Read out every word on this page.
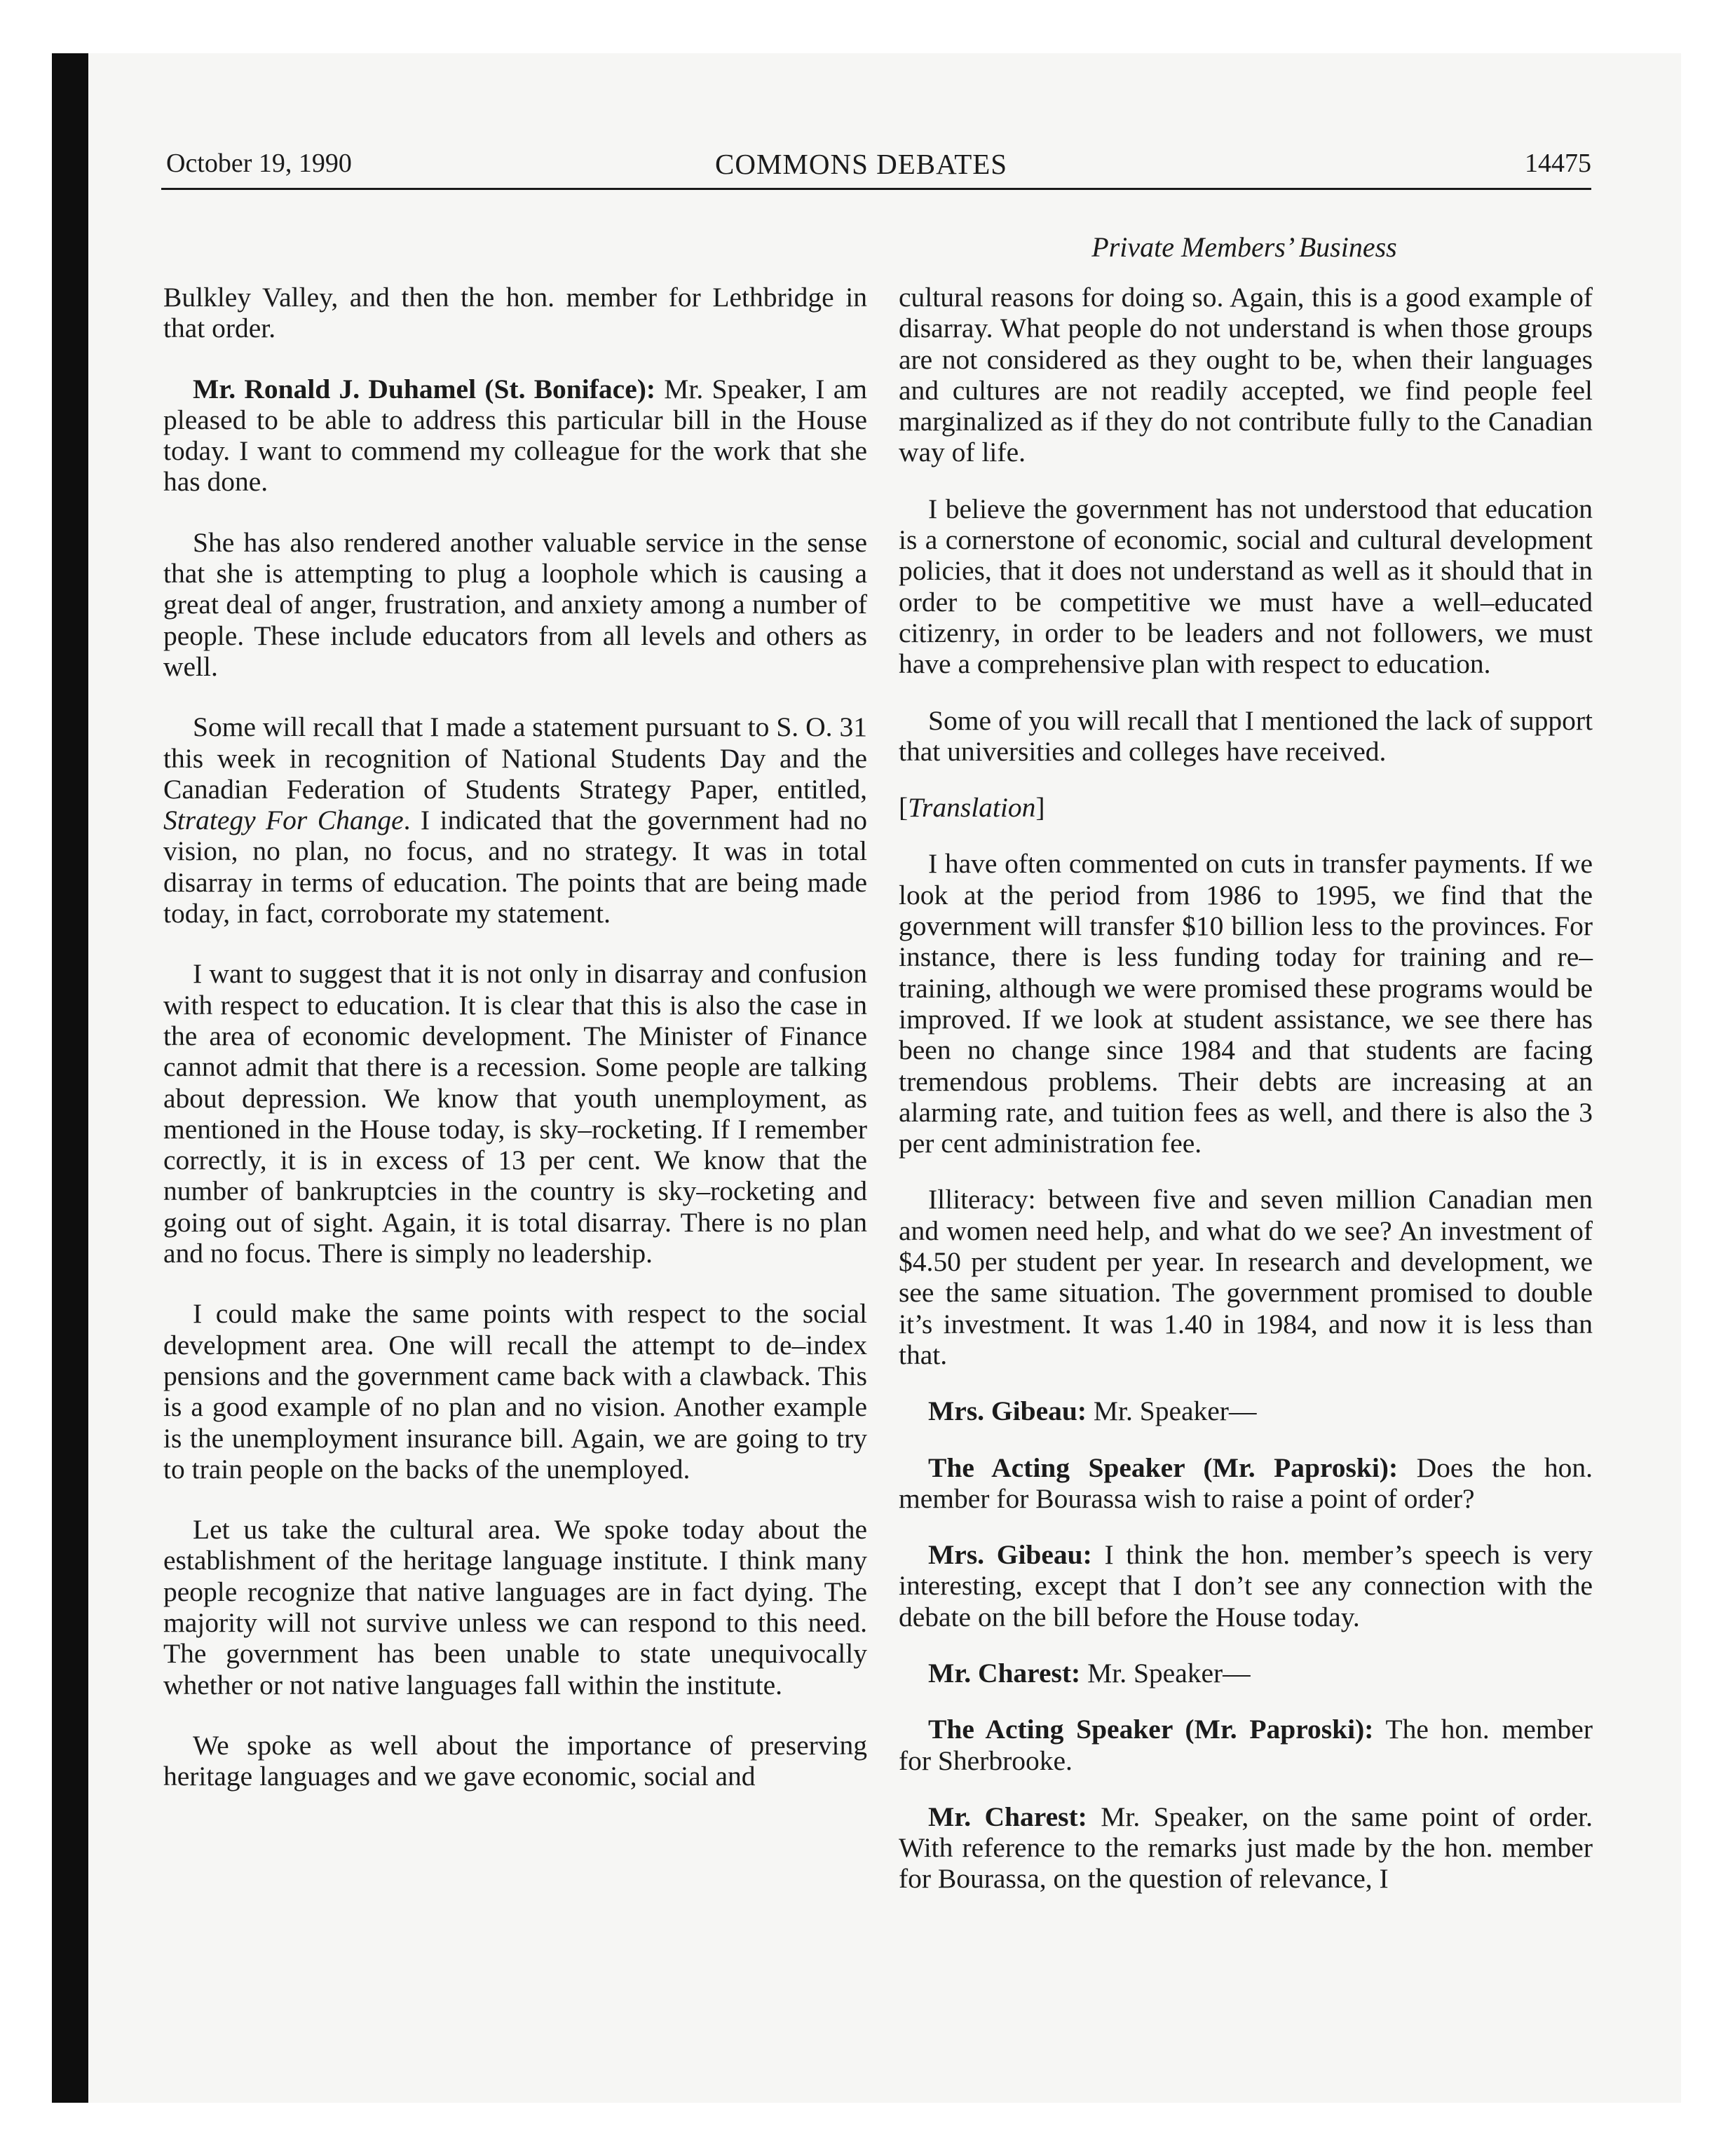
October 19, 1990	COMMONS DEBATES	14475
Private Members’ Business

Bulkley Valley, and then the hon. member for Lethbridge in that order.

Mr. Ronald J. Duhamel (St. Boniface): Mr. Speaker, I am pleased to be able to address this particular bill in the House today. I want to commend my colleague for the work that she has done.

She has also rendered another valuable service in the sense that she is attempting to plug a loophole which is causing a great deal of anger, frustration, and anxiety among a number of people. These include educators from all levels and others as well.

Some will recall that I made a statement pursuant to S. O. 31 this week in recognition of National Students Day and the Canadian Federation of Students Strategy Paper, entitled, Strategy For Change. I indicated that the government had no vision, no plan, no focus, and no strategy. It was in total disarray in terms of education. The points that are being made today, in fact, corroborate my statement.

I want to suggest that it is not only in disarray and confusion with respect to education. It is clear that this is also the case in the area of economic development. The Minister of Finance cannot admit that there is a recession. Some people are talking about depression. We know that youth unemployment, as mentioned in the House today, is sky–rocketing. If I remember correctly, it is in excess of 13 per cent. We know that the number of bankruptcies in the country is sky–rocketing and going out of sight. Again, it is total disarray. There is no plan and no focus. There is simply no leadership.

I could make the same points with respect to the social development area. One will recall the attempt to de–index pensions and the government came back with a clawback. This is a good example of no plan and no vision. Another example is the unemployment insurance bill. Again, we are going to try to train people on the backs of the unemployed.

Let us take the cultural area. We spoke today about the establishment of the heritage language institute. I think many people recognize that native languages are in fact dying. The majority will not survive unless we can respond to this need. The government has been unable to state unequivocally whether or not native languages fall within the institute.

We spoke as well about the importance of preserving heritage languages and we gave economic, social and

cultural reasons for doing so. Again, this is a good example of disarray. What people do not understand is when those groups are not considered as they ought to be, when their languages and cultures are not readily accepted, we find people feel marginalized as if they do not contribute fully to the Canadian way of life.

I believe the government has not understood that education is a cornerstone of economic, social and cultural development policies, that it does not understand as well as it should that in order to be competitive we must have a well–educated citizenry, in order to be leaders and not followers, we must have a comprehensive plan with respect to education.

Some of you will recall that I mentioned the lack of support that universities and colleges have received.

[Translation]

I have often commented on cuts in transfer payments. If we look at the period from 1986 to 1995, we find that the government will transfer $10 billion less to the provinces. For instance, there is less funding today for training and re–training, although we were promised these programs would be improved. If we look at student assistance, we see there has been no change since 1984 and that students are facing tremendous problems. Their debts are increasing at an alarming rate, and tuition fees as well, and there is also the 3 per cent administration fee.

Illiteracy: between five and seven million Canadian men and women need help, and what do we see? An investment of $4.50 per student per year. In research and development, we see the same situation. The government promised to double it’s investment. It was 1.40 in 1984, and now it is less than that.

Mrs. Gibeau: Mr. Speaker—

The Acting Speaker (Mr. Paproski): Does the hon. member for Bourassa wish to raise a point of order?

Mrs. Gibeau: I think the hon. member’s speech is very interesting, except that I don’t see any connection with the debate on the bill before the House today.

Mr. Charest: Mr. Speaker—

The Acting Speaker (Mr. Paproski): The hon. member for Sherbrooke.

Mr. Charest: Mr. Speaker, on the same point of order. With reference to the remarks just made by the hon. member for Bourassa, on the question of relevance, I
